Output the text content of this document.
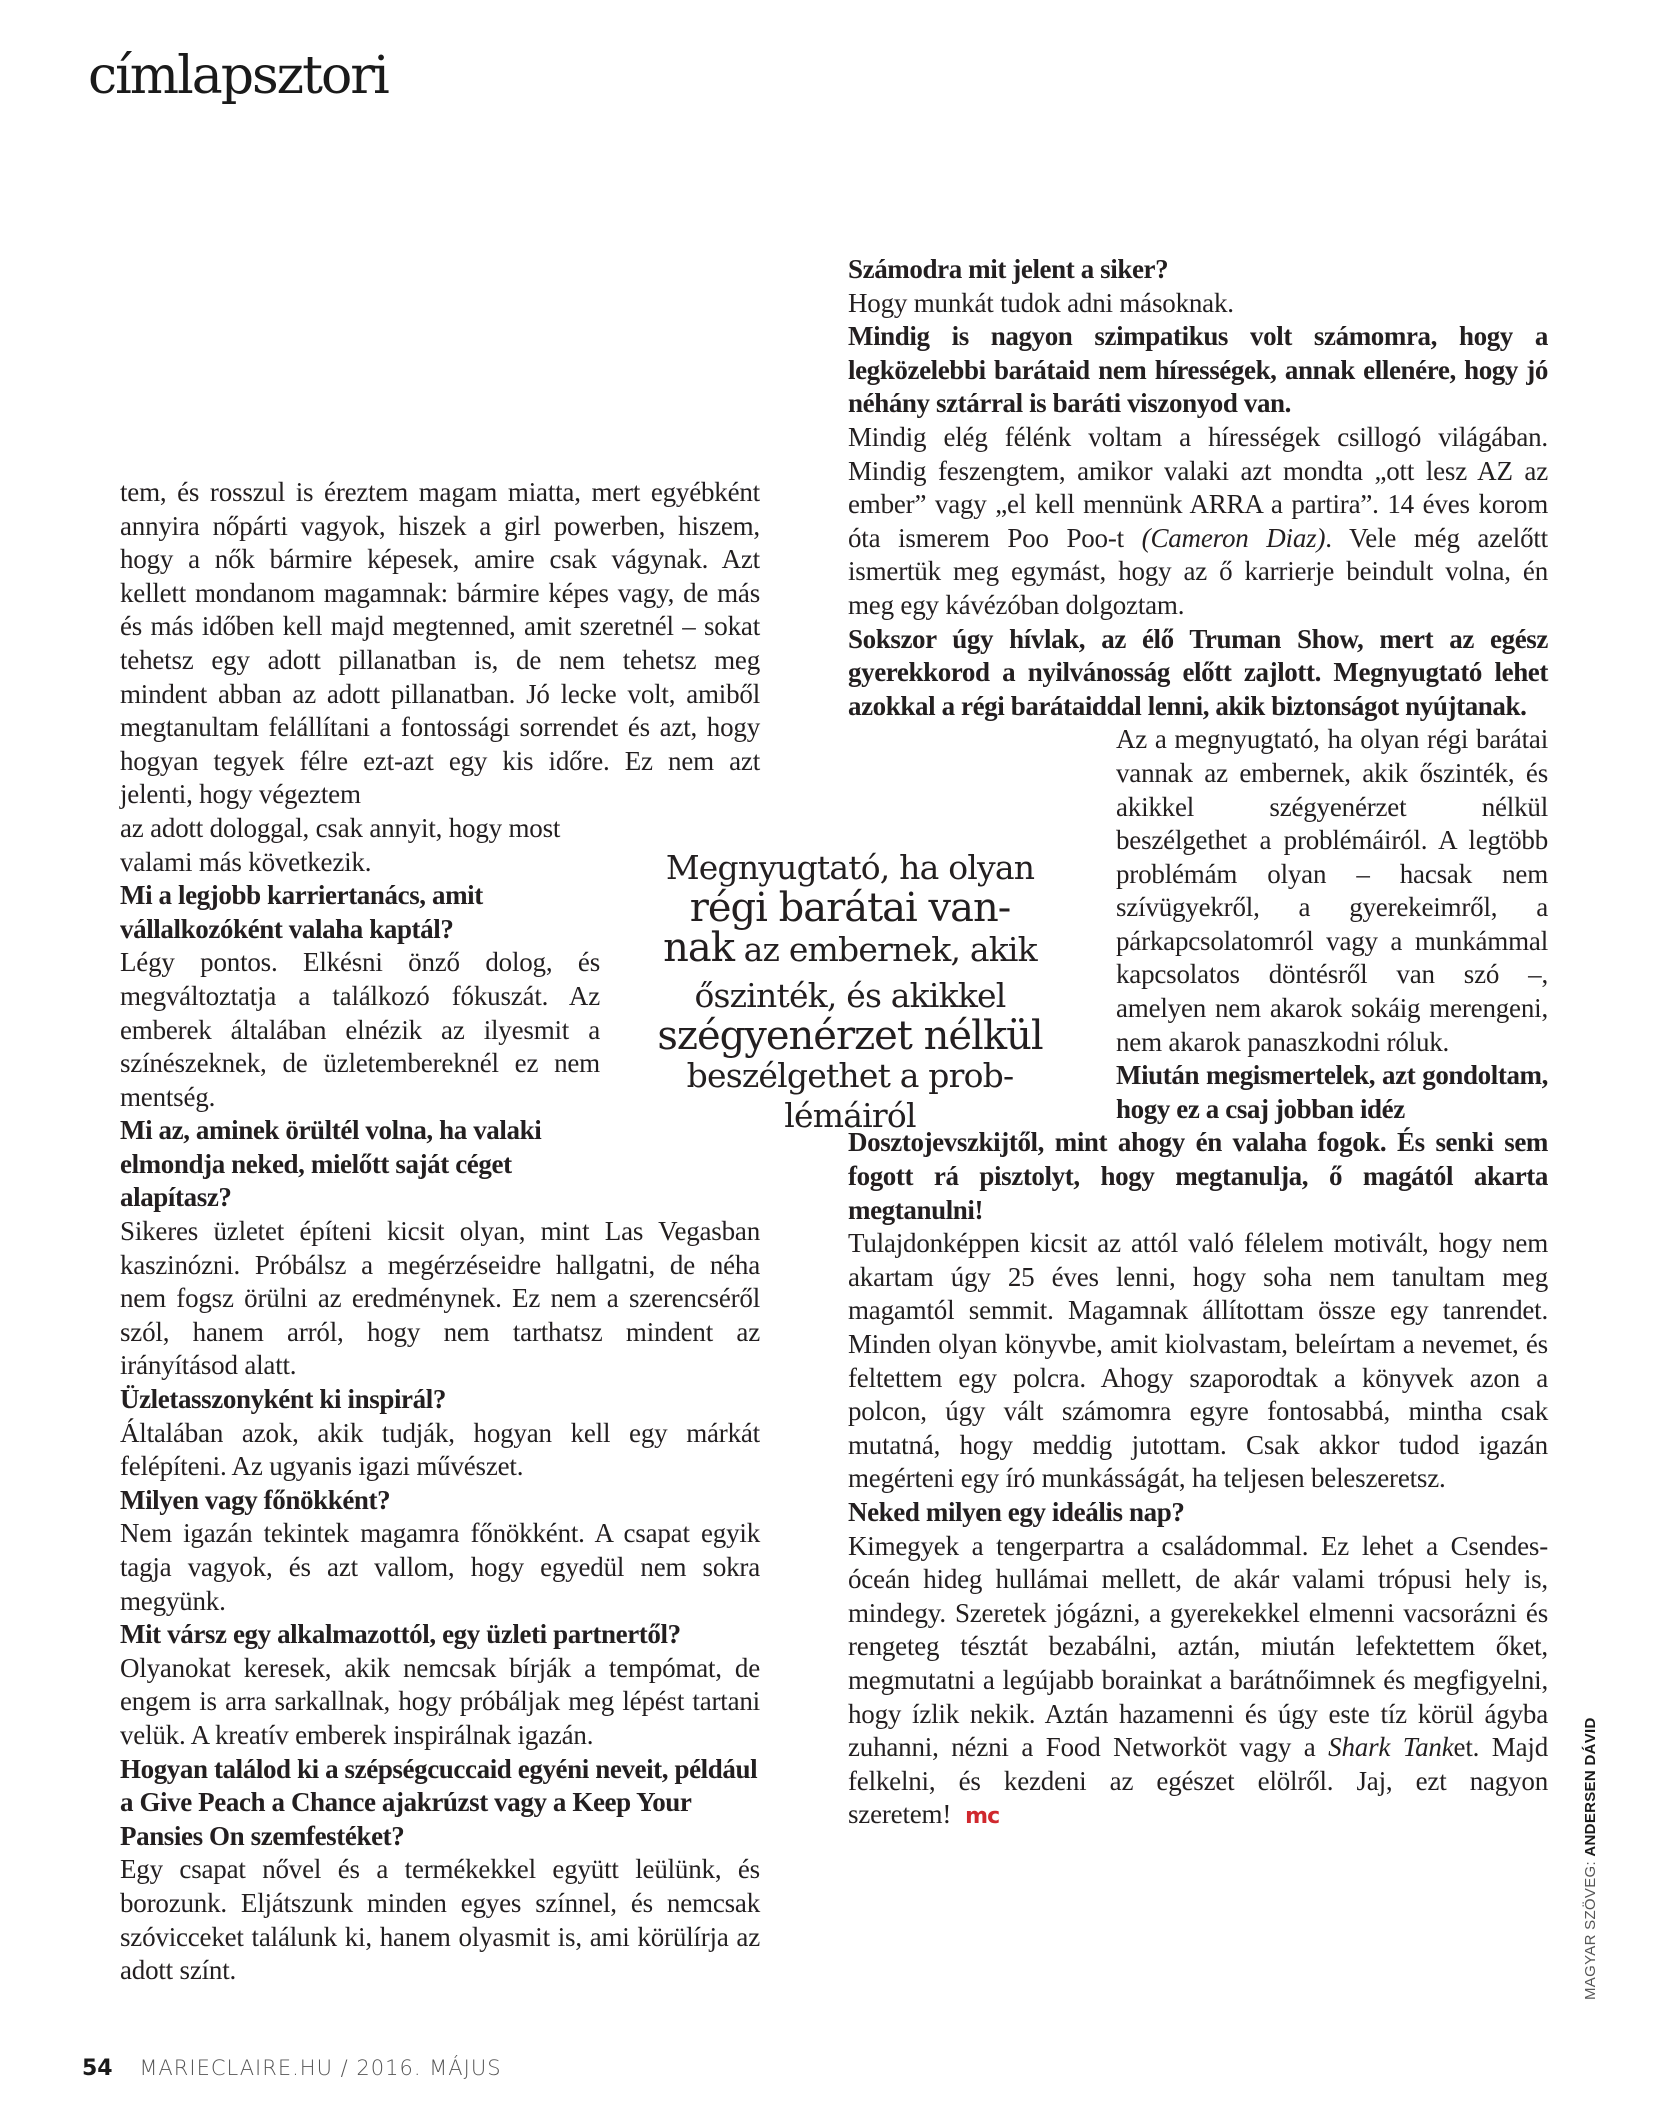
címlapsztori

tem, és rosszul is éreztem magam miatta, mert egyébként annyira nőpárti vagyok, hiszek a girl powerben, hiszem, hogy a nők bármire képesek, amire csak vágynak. Azt kellett mondanom magamnak: bármire képes vagy, de más és más időben kell majd megtenned, amit szeretnél – sokat tehetsz egy adott pillanatban is, de nem tehetsz meg mindent abban az adott pillanatban. Jó lecke volt, amiből megtanultam felállítani a fontossági sorrendet és azt, hogy hogyan tegyek félre ezt-azt egy kis időre. Ez nem azt jelenti, hogy végeztem

az adott dologgal, csak annyit, hogy most valami más következik.

Mi a legjobb karriertanács, amit vállalkozóként valaha kaptál?

Légy pontos. Elkésni önző dolog, és megváltoztatja a találkozó fókuszát. Az emberek általában elnézik az ilyesmit a színészeknek, de üzletembereknél ez nem mentség.

Mi az, aminek örültél volna, ha valaki elmondja neked, mielőtt saját céget alapítasz?

Sikeres üzletet építeni kicsit olyan, mint Las Vegasban kaszinózni. Próbálsz a megérzéseidre hallgatni, de néha nem fogsz örülni az eredménynek. Ez nem a szerencséről szól, hanem arról, hogy nem tarthatsz mindent az irányításod alatt.

Üzletasszonyként ki inspirál?

Általában azok, akik tudják, hogyan kell egy márkát felépíteni. Az ugyanis igazi művészet.

Milyen vagy főnökként?

Nem igazán tekintek magamra főnökként. A csapat egyik tagja vagyok, és azt vallom, hogy egyedül nem sokra megyünk.

Mit vársz egy alkalmazottól, egy üzleti partnertől?

Olyanokat keresek, akik nemcsak bírják a tempómat, de engem is arra sarkallnak, hogy próbáljak meg lépést tartani velük. A kreatív emberek inspirálnak igazán.

Hogyan találod ki a szépségcuccaid egyéni neveit, például a Give Peach a Chance ajakrúzst vagy a Keep Your Pansies On szemfestéket?

Egy csapat nővel és a termékekkel együtt leülünk, és borozunk. Eljátszunk minden egyes színnel, és nemcsak szóvicceket találunk ki, hanem olyasmit is, ami körülírja az adott színt.

Megnyugtató, ha olyan
régi barátai van-
nak az embernek, akik
őszinték, és akikkel
szégyenérzet nélkül
beszélgethet a prob-
lémáiról

Számodra mit jelent a siker?

Hogy munkát tudok adni másoknak.

Mindig is nagyon szimpatikus volt számomra, hogy a legközelebbi barátaid nem hírességek, annak ellenére, hogy jó néhány sztárral is baráti viszonyod van.

Mindig elég félénk voltam a hírességek csillogó világában. Mindig feszengtem, amikor valaki azt mondta „ott lesz AZ az ember” vagy „el kell mennünk ARRA a partira”. 14 éves korom óta ismerem Poo Poo-t (Cameron Diaz). Vele még azelőtt ismertük meg egymást, hogy az ő karrierje beindult volna, én meg egy kávézóban dolgoztam.

Sokszor úgy hívlak, az élő Truman Show, mert az egész gyerekkorod a nyilvánosság előtt zajlott. Megnyugtató lehet azokkal a régi barátaiddal lenni, akik biztonságot nyújtanak.

Az a megnyugtató, ha olyan régi barátai vannak az embernek, akik őszinték, és akikkel szégyenérzet nélkül beszélgethet a problémáiról. A legtöbb problémám olyan – hacsak nem szívügyekről, a gyerekeimről, a párkapcsolatomról vagy a munkámmal kapcsolatos döntésről van szó –, amelyen nem akarok sokáig merengeni, nem akarok panaszkodni róluk.

Miután megismertelek, azt gondoltam, hogy ez a csaj jobban idéz

Dosztojevszkijtől, mint ahogy én valaha fogok. És senki sem fogott rá pisztolyt, hogy megtanulja, ő magától akarta megtanulni!

Tulajdonképpen kicsit az attól való félelem motivált, hogy nem akartam úgy 25 éves lenni, hogy soha nem tanultam meg magamtól semmit. Magamnak állítottam össze egy tanrendet. Minden olyan könyvbe, amit kiolvastam, beleírtam a nevemet, és feltettem egy polcra. Ahogy szaporodtak a könyvek azon a polcon, úgy vált számomra egyre fontosabbá, mintha csak mutatná, hogy meddig jutottam. Csak akkor tudod igazán megérteni egy író munkásságát, ha teljesen beleszeretsz.

Neked milyen egy ideális nap?

Kimegyek a tengerpartra a családommal. Ez lehet a Csendes-óceán hideg hullámai mellett, de akár valami trópusi hely is, mindegy. Szeretek jógázni, a gyerekekkel elmenni vacsorázni és rengeteg tésztát bezabálni, aztán, miután lefektettem őket, megmutatni a legújabb borainkat a barátnőimnek és megfigyelni, hogy ízlik nekik. Aztán hazamenni és úgy este tíz körül ágyba zuhanni, nézni a Food Networköt vagy a Shark Tanket. Majd felkelni, és kezdeni az egészet elölről. Jaj, ezt nagyon szeretem! mc

MAGYAR SZÖVEG: ANDERSEN DÁVID
54 MARIECLAIRE.HU / 2016. MÁJUS
